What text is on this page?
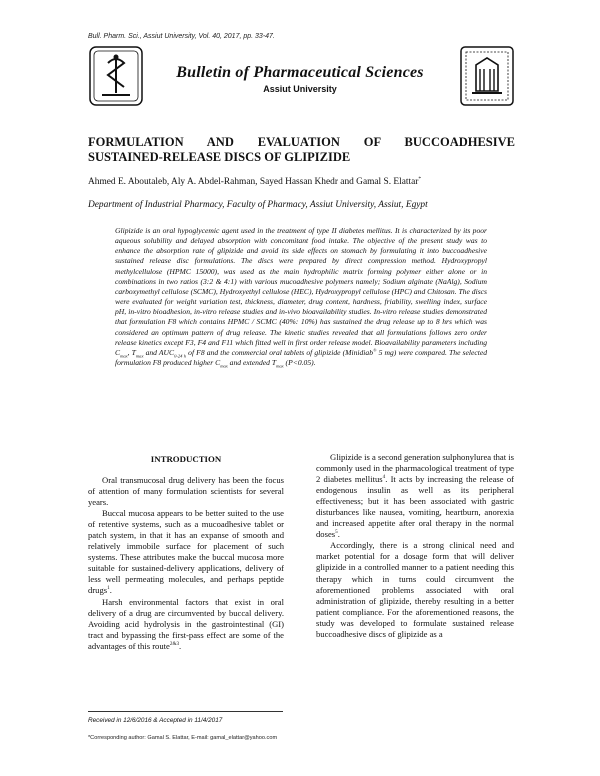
Bull. Pharm. Sci., Assiut University, Vol. 40, 2017, pp. 33-47.
Bulletin of Pharmaceutical Sciences
Assiut University
FORMULATION AND EVALUATION OF BUCCOADHESIVE
SUSTAINED-RELEASE DISCS OF GLIPIZIDE
Ahmed E. Aboutaleb, Aly A. Abdel-Rahman, Sayed Hassan Khedr and Gamal S. Elattar*
Department of Industrial Pharmacy, Faculty of Pharmacy, Assiut University, Assiut, Egypt

Glipizide is an oral hypoglycemic agent used in the treatment of type II diabetes mellitus. It is characterized by its poor aqueous solubility and delayed absorption with concomitant food intake. The objective of the present study was to enhance the absorption rate of glipizide and avoid its side effects on stomach by formulating it into buccoadhesive sustained release disc formulations. The discs were prepared by direct compression method. Hydroxypropyl methylcellulose (HPMC 15000), was used as the main hydrophilic matrix forming polymer either alone or in combinations in two ratios (3:2 & 4:1) with various mucoadhesive polymers namely; Sodium alginate (NaAlg), Sodium carboxymethyl cellulose (SCMC), Hydroxyethyl cellulose (HEC), Hydroxypropyl cellulose (HPC) and Chitosan. The discs were evaluated for weight variation test, thickness, diameter, drug content, hardness, friability, swelling index, surface pH, in-vitro bioadhesion, in-vitro release studies and in-vivo bioavailability studies. In-vitro release studies demonstrated that formulation F8 which contains HPMC / SCMC (40%: 10%) has sustained the drug release up to 8 hrs which was considered an optimum pattern of drug release. The kinetic studies revealed that all formulations follows zero order release kinetics except F3, F4 and F11 which fitted well in first order release model. Bioavailability parameters including $C_{max}$, $T_{max}$ and $AUC_{0-24 h}$ of F8 and the commercial oral tablets of glipizide (Minidiab® 5 mg) were compared. The selected formulation F8 produced higher $C_{max}$ and extended $T_{max}$ (P<0.05).

INTRODUCTION

Oral transmucosal drug delivery has been the focus of attention of many formulation scientists for several years.

Buccal mucosa appears to be better suited to the use of retentive systems, such as a mucoadhesive tablet or patch system, in that it has an expanse of smooth and relatively immobile surface for placement of such systems. These attributes make the buccal mucosa more suitable for sustained-delivery applications, delivery of less well permeating molecules, and perhaps peptide drugs$^1$.

Harsh environmental factors that exist in oral delivery of a drug are circumvented by buccal delivery. Avoiding acid hydrolysis in the gastrointestinal (GI) tract and bypassing the first-pass effect are some of the advantages of this route$^{2\&3}$.

Glipizide is a second generation sulphonylurea that is commonly used in the pharmacological treatment of type 2 diabetes mellitus$^4$. It acts by increasing the release of endogenous insulin as well as its peripheral effectiveness; but it has been associated with gastric disturbances like nausea, vomiting, heartburn, anorexia and increased appetite after oral therapy in the normal doses$^5$.

Accordingly, there is a strong clinical need and market potential for a dosage form that will deliver glipizide in a controlled manner to a patient needing this therapy which in turns could circumvent the aforementioned problems associated with oral administration of glipizide, thereby resulting in a better patient compliance. For the aforementioned reasons, the study was developed to formulate sustained release buccoadhesive discs of glipizide as a

Received in 12/6/2016 & Accepted in 11/4/2017
*Corresponding author: Gamal S. Elattar, E-mail: gamal_elattar@yahoo.com
